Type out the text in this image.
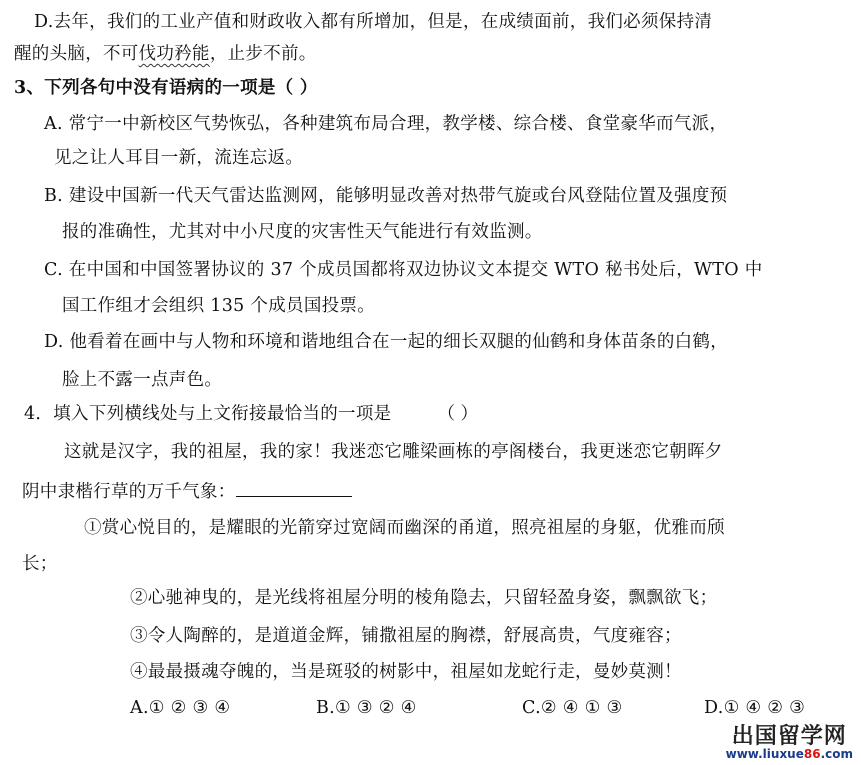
D.去年，我们的工业产值和财政收入都有所增加，但是，在成绩面前，我们必须保持清
醒的头脑，不可伐功矜能，止步不前。
3、下列各句中没有语病的一项是（ ）
A. 常宁一中新校区气势恢弘，各种建筑布局合理，教学楼、综合楼、食堂豪华而气派，
见之让人耳目一新，流连忘返。
B. 建设中国新一代天气雷达监测网，能够明显改善对热带气旋或台风登陆位置及强度预
报的准确性，尤其对中小尺度的灾害性天气能进行有效监测。
C. 在中国和中国签署协议的 37 个成员国都将双边协议文本提交 WTO 秘书处后，WTO 中
国工作组才会组织 135 个成员国投票。
D. 他看着在画中与人物和环境和谐地组合在一起的细长双腿的仙鹤和身体苗条的白鹤，
脸上不露一点声色。
4．填入下列横线处与上文衔接最恰当的一项是	（ ）
这就是汉字，我的祖屋，我的家！我迷恋它雕梁画栋的亭阁楼台，我更迷恋它朝晖夕
阴中隶楷行草的万千气象：
①赏心悦目的，是耀眼的光箭穿过宽阔而幽深的甬道，照亮祖屋的身躯，优雅而颀
长；
②心驰神曳的，是光线将祖屋分明的棱角隐去，只留轻盈身姿，飘飘欲飞；
③令人陶醉的，是道道金辉，铺撒祖屋的胸襟，舒展高贵，气度雍容；
④最最摄魂夺魄的，当是斑驳的树影中，祖屋如龙蛇行走，曼妙莫测！
A.① ② ③ ④	B.① ③ ② ④	C.② ④ ① ③	D.① ④ ② ③
出国留学网
www.liuxue86.com
